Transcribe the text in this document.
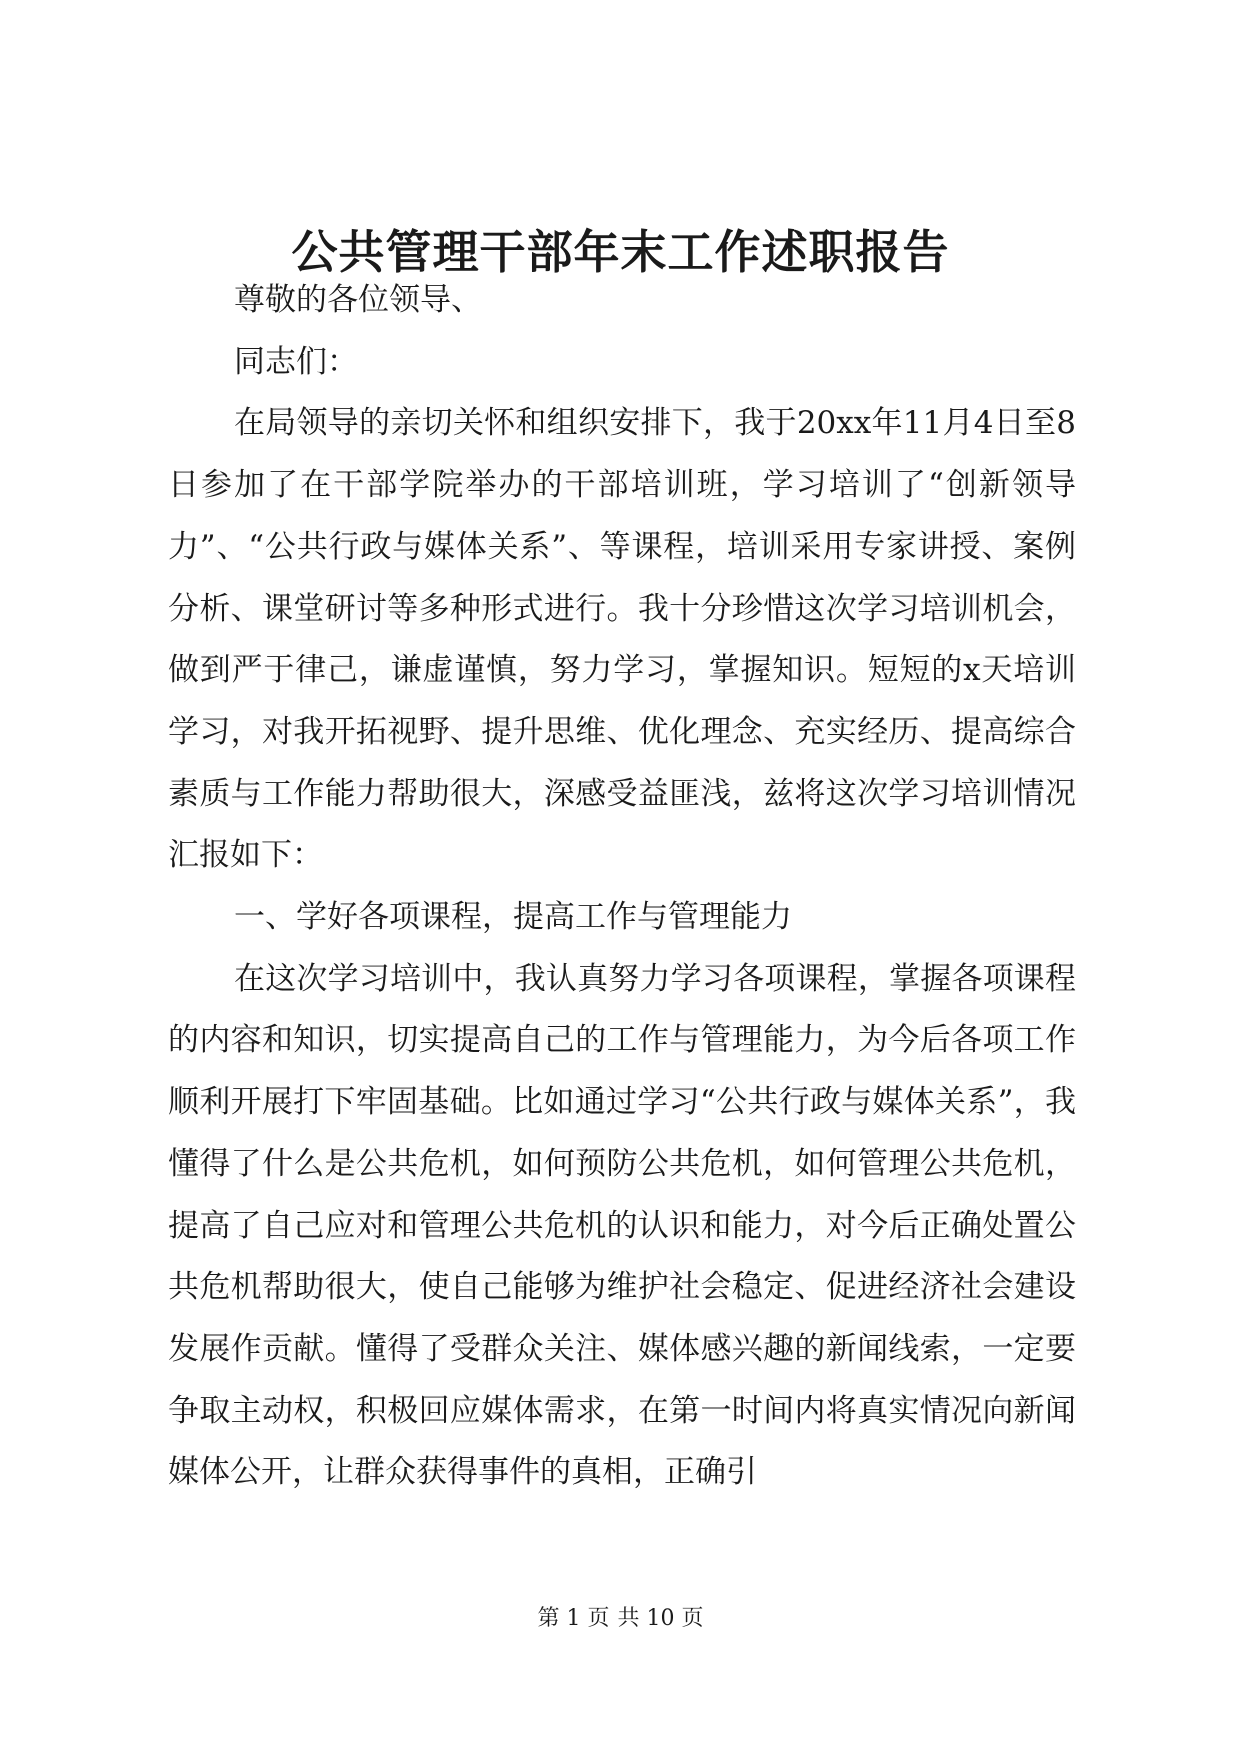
公共管理干部年末工作述职报告

尊敬的各位领导、

同志们：

在局领导的亲切关怀和组织安排下，我于20xx年11月4日至8日参加了在干部学院举办的干部培训班，学习培训了“创新领导力”、“公共行政与媒体关系”、等课程，培训采用专家讲授、案例分析、课堂研讨等多种形式进行。我十分珍惜这次学习培训机会，做到严于律己，谦虚谨慎，努力学习，掌握知识。短短的x天培训学习，对我开拓视野、提升思维、优化理念、充实经历、提高综合素质与工作能力帮助很大，深感受益匪浅，兹将这次学习培训情况汇报如下：

一、学好各项课程，提高工作与管理能力

在这次学习培训中，我认真努力学习各项课程，掌握各项课程的内容和知识，切实提高自己的工作与管理能力，为今后各项工作顺利开展打下牢固基础。比如通过学习“公共行政与媒体关系”，我懂得了什么是公共危机，如何预防公共危机，如何管理公共危机，提高了自己应对和管理公共危机的认识和能力，对今后正确处置公共危机帮助很大，使自己能够为维护社会稳定、促进经济社会建设发展作贡献。懂得了受群众关注、媒体感兴趣的新闻线索，一定要争取主动权，积极回应媒体需求，在第一时间内将真实情况向新闻媒体公开，让群众获得事件的真相，正确引

第 1 页 共 10 页
